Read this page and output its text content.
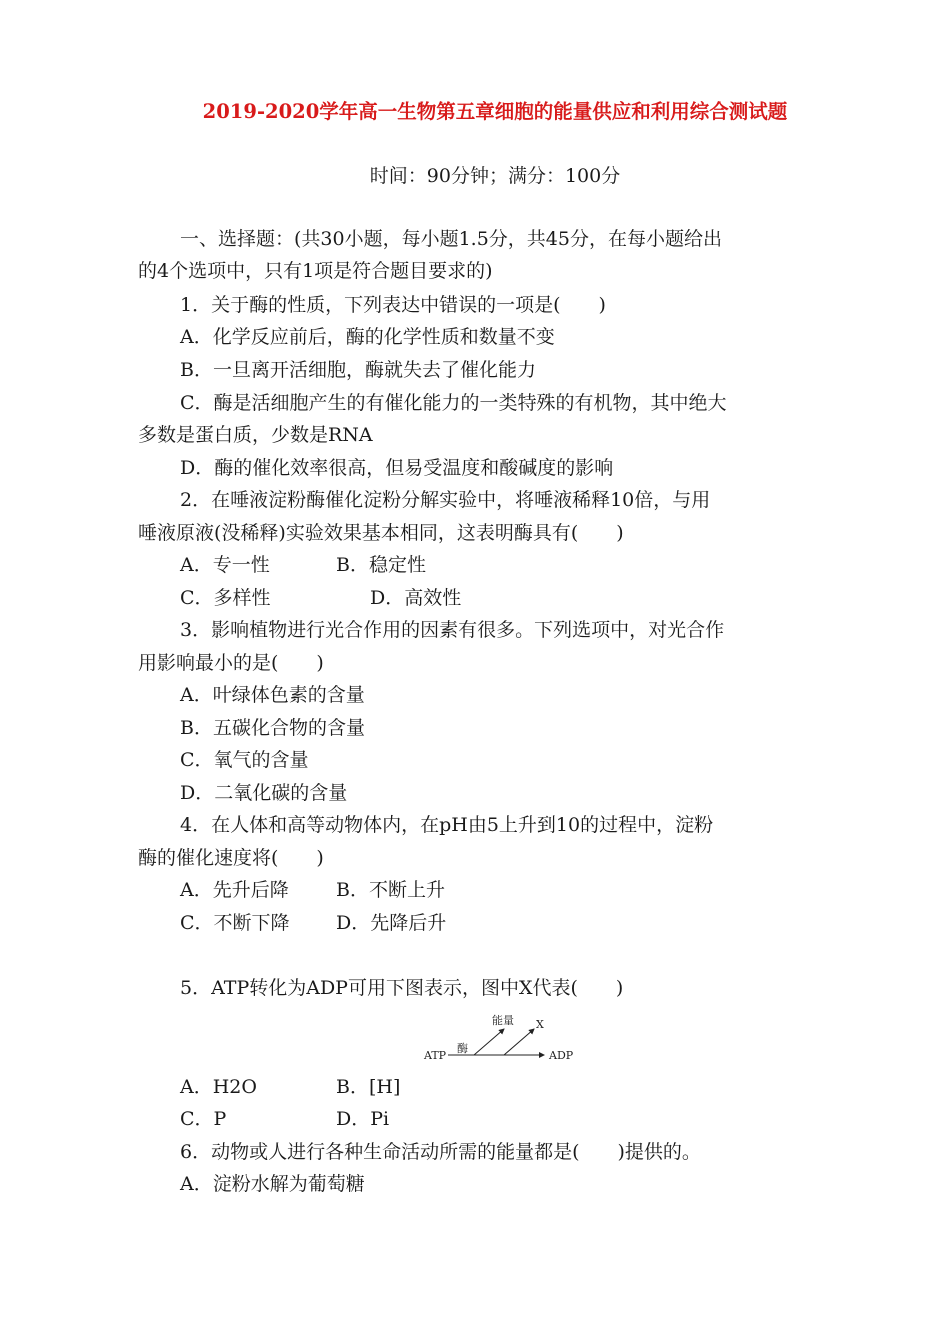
2019-2020学年高一生物第五章细胞的能量供应和利用综合测试题
时间：90分钟；满分：100分
一、选择题：(共30小题，每小题1.5分，共45分，在每小题给出
的4个选项中，只有1项是符合题目要求的)
1．关于酶的性质，下列表达中错误的一项是(　　)
A．化学反应前后，酶的化学性质和数量不变
B．一旦离开活细胞，酶就失去了催化能力
C．酶是活细胞产生的有催化能力的一类特殊的有机物，其中绝大
多数是蛋白质，少数是RNA
D．酶的催化效率很高，但易受温度和酸碱度的影响
2．在唾液淀粉酶催化淀粉分解实验中，将唾液稀释10倍，与用
唾液原液(没稀释)实验效果基本相同，这表明酶具有(　　)
A．专一性	B．稳定性
C．多样性	D．高效性
3．影响植物进行光合作用的因素有很多。下列选项中，对光合作
用影响最小的是(　　)
A．叶绿体色素的含量
B．五碳化合物的含量
C．氧气的含量
D．二氧化碳的含量
4．在人体和高等动物体内，在pH由5上升到10的过程中，淀粉
酶的催化速度将(　　)
A．先升后降 B．不断上升
C．不断下降 D．先降后升
5．ATP转化为ADP可用下图表示，图中X代表(　　)
ATP
酶
能量 X
ADP
A．H2O	B．[H]
C．P	D．Pi
6．动物或人进行各种生命活动所需的能量都是(　　)提供的。
A．淀粉水解为葡萄糖
